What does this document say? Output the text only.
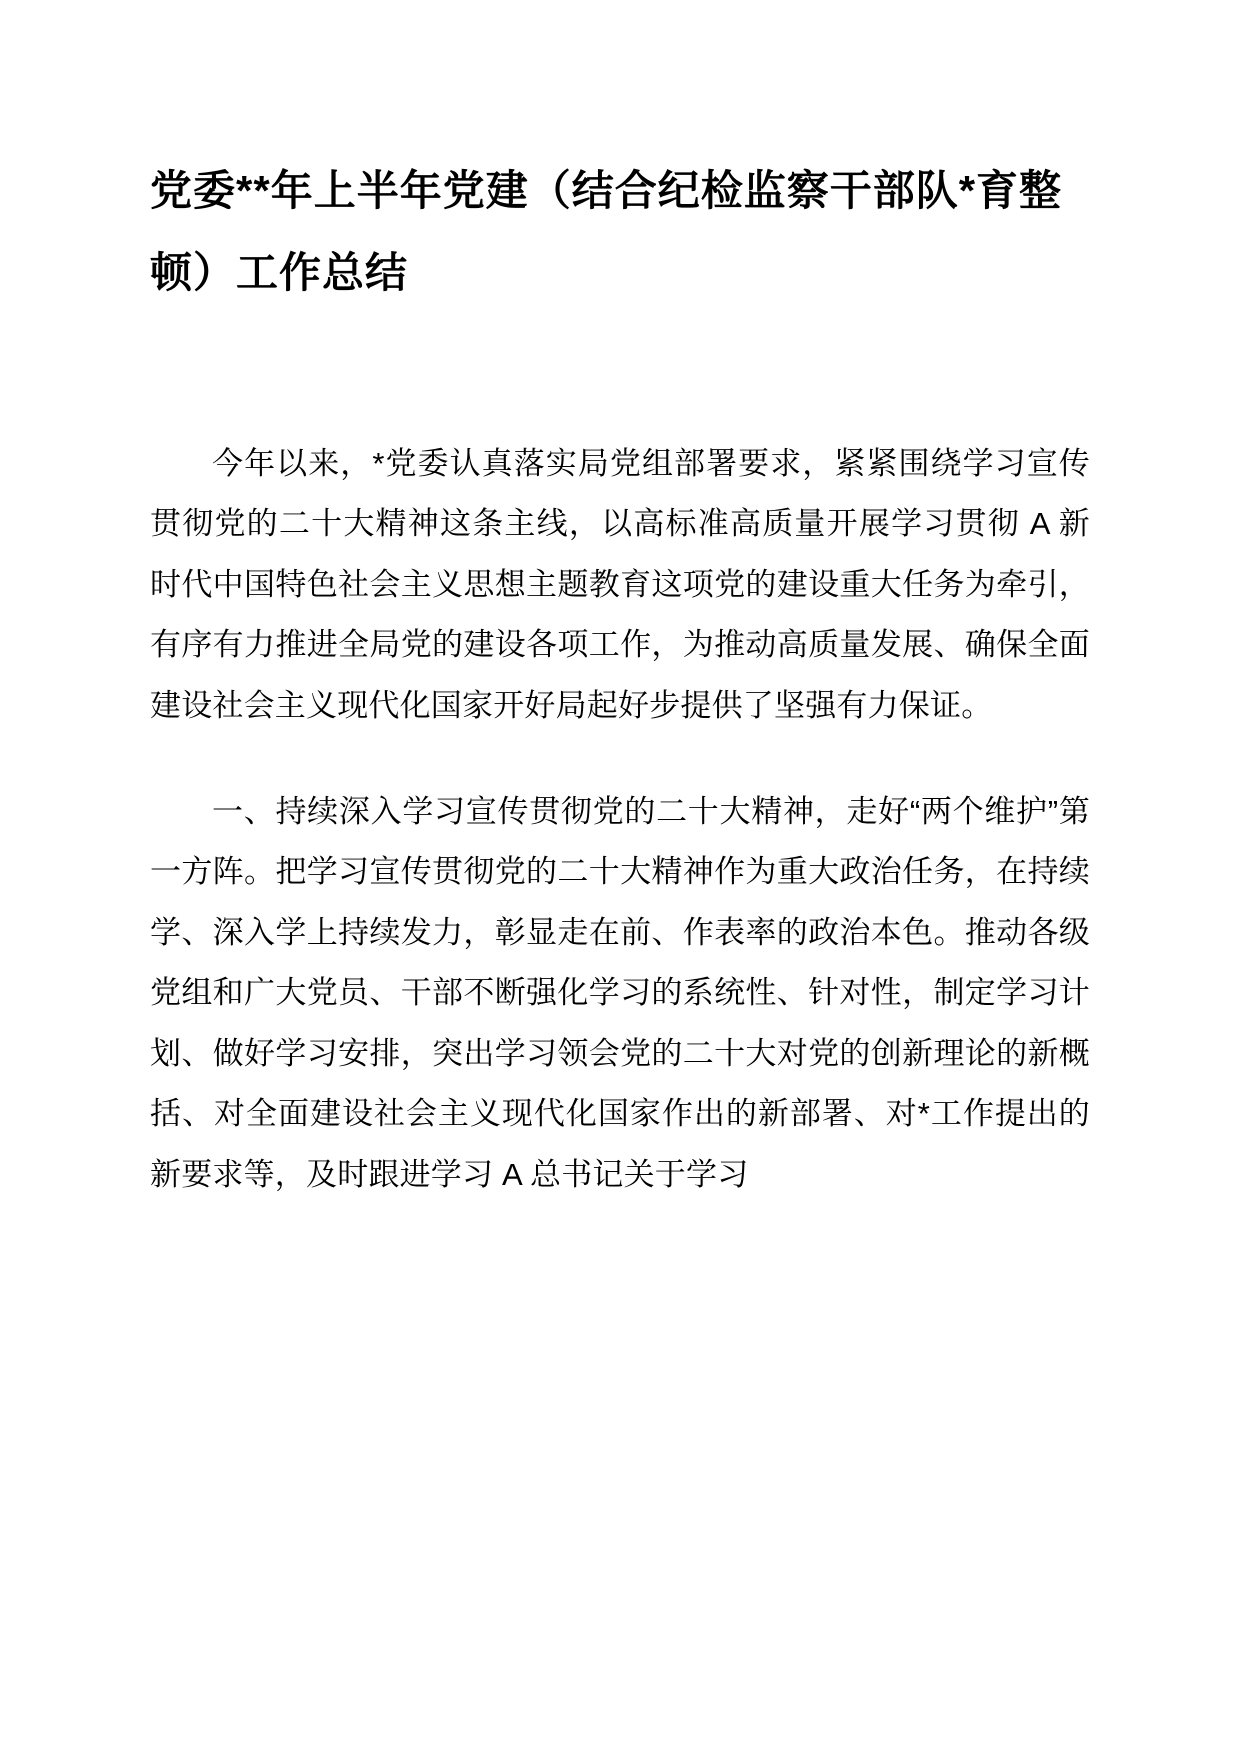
党委**年上半年党建（结合纪检监察干部队*育整顿）工作总结

今年以来，*党委认真落实局党组部署要求，紧紧围绕学习宣传贯彻党的二十大精神这条主线，以高标准高质量开展学习贯彻 A 新时代中国特色社会主义思想主题教育这项党的建设重大任务为牵引，有序有力推进全局党的建设各项工作，为推动高质量发展、确保全面建设社会主义现代化国家开好局起好步提供了坚强有力保证。

一、持续深入学习宣传贯彻党的二十大精神，走好“两个维护”第一方阵。把学习宣传贯彻党的二十大精神作为重大政治任务，在持续学、深入学上持续发力，彰显走在前、作表率的政治本色。推动各级党组和广大党员、干部不断强化学习的系统性、针对性，制定学习计划、做好学习安排，突出学习领会党的二十大对党的创新理论的新概括、对全面建设社会主义现代化国家作出的新部署、对*工作提出的新要求等，及时跟进学习 A 总书记关于学习
